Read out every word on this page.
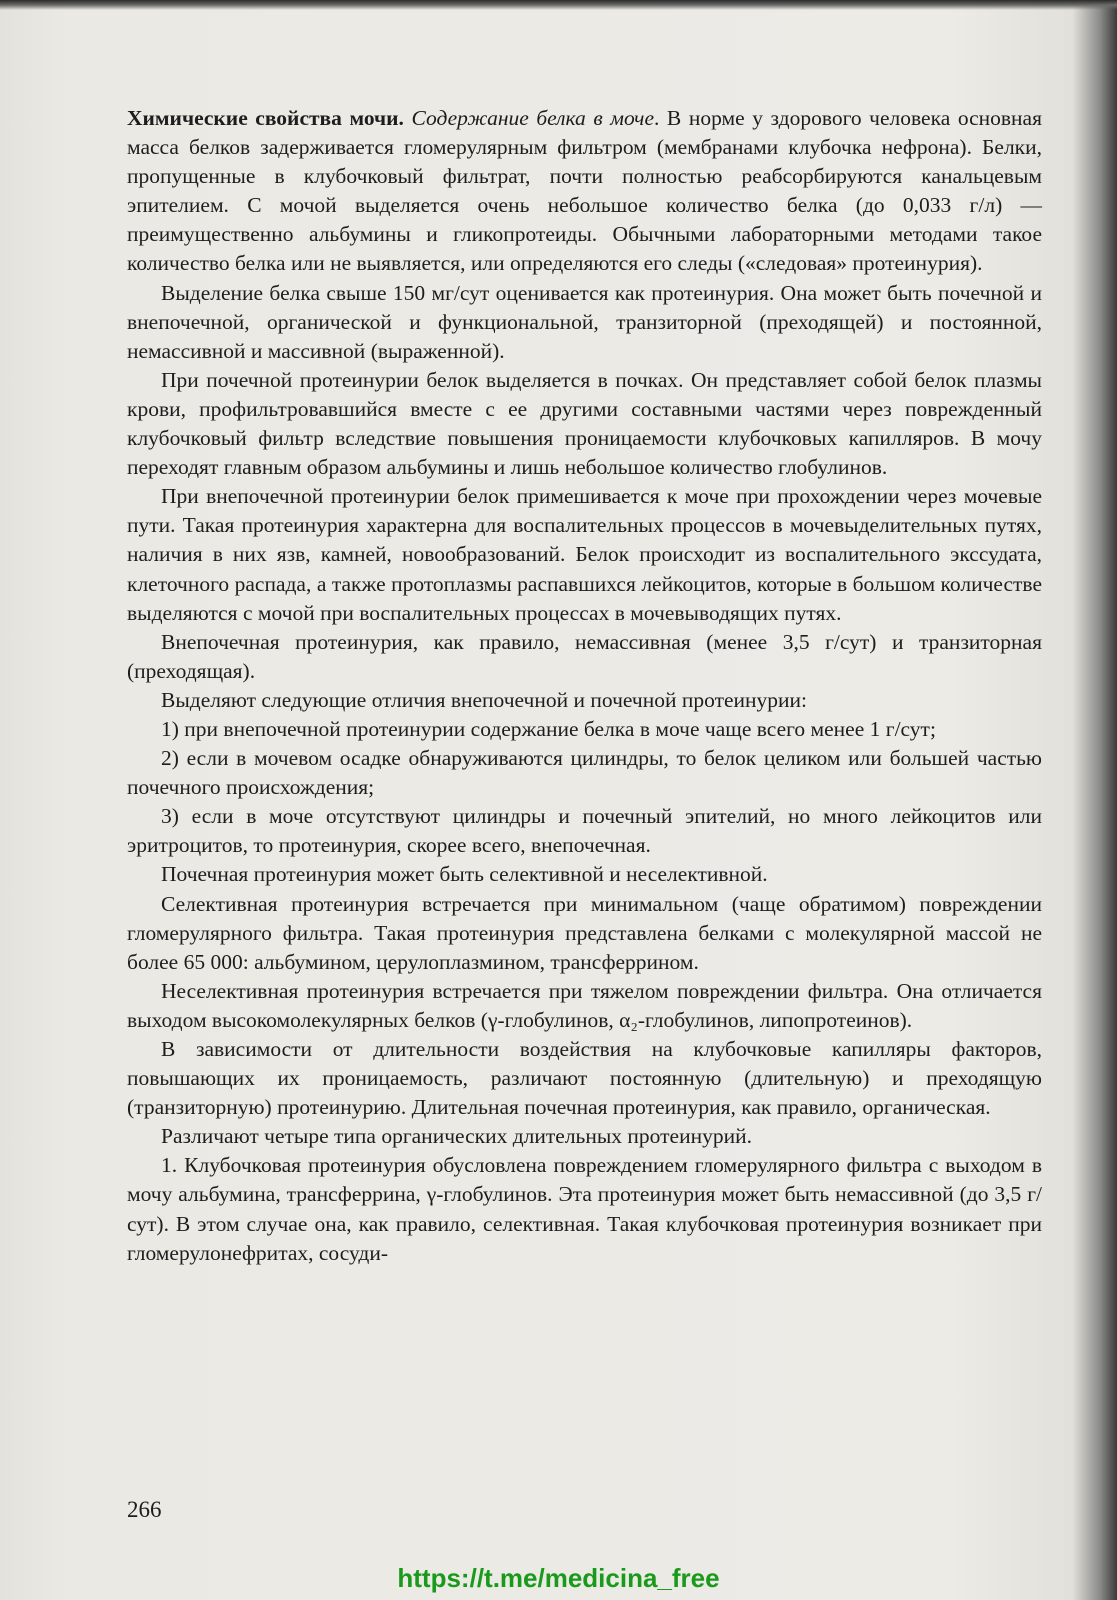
Химические свойства мочи. Содержание белка в моче. В норме у здорового человека основная масса белков задерживается гломерулярным фильтром (мембранами клубочка нефрона). Белки, пропущенные в клубочковый фильтрат, почти полностью реабсорбируются канальцевым эпителием. С мочой выделяется очень небольшое количество белка (до 0,033 г/л) — преимущественно альбумины и гликопротеиды. Обычными лабораторными методами такое количество белка или не выявляется, или определяются его следы («следовая» протеинурия).

Выделение белка свыше 150 мг/сут оценивается как протеинурия. Она может быть почечной и внепочечной, органической и функциональной, транзиторной (преходящей) и постоянной, немассивной и массивной (выраженной).

При почечной протеинурии белок выделяется в почках. Он представляет собой белок плазмы крови, профильтровавшийся вместе с ее другими составными частями через поврежденный клубочковый фильтр вследствие повышения проницаемости клубочковых капилляров. В мочу переходят главным образом альбумины и лишь небольшое количество глобулинов.

При внепочечной протеинурии белок примешивается к моче при прохождении через мочевые пути. Такая протеинурия характерна для воспалительных процессов в мочевыделительных путях, наличия в них язв, камней, новообразований. Белок происходит из воспалительного экссудата, клеточного распада, а также протоплазмы распавшихся лейкоцитов, которые в большом количестве выделяются с мочой при воспалительных процессах в мочевыводящих путях.

Внепочечная протеинурия, как правило, немассивная (менее 3,5 г/сут) и транзиторная (преходящая).

Выделяют следующие отличия внепочечной и почечной протеинурии:

1) при внепочечной протеинурии содержание белка в моче чаще всего менее 1 г/сут;

2) если в мочевом осадке обнаруживаются цилиндры, то белок целиком или большей частью почечного происхождения;

3) если в моче отсутствуют цилиндры и почечный эпителий, но много лейкоцитов или эритроцитов, то протеинурия, скорее всего, внепочечная.

Почечная протеинурия может быть селективной и неселективной.

Селективная протеинурия встречается при минимальном (чаще обратимом) повреждении гломерулярного фильтра. Такая протеинурия представлена белками с молекулярной массой не более 65 000: альбумином, церулоплазмином, трансферрином.

Неселективная протеинурия встречается при тяжелом повреждении фильтра. Она отличается выходом высокомолекулярных белков (γ-глобулинов, α₂-глобулинов, липопротеинов).

В зависимости от длительности воздействия на клубочковые капилляры факторов, повышающих их проницаемость, различают постоянную (длительную) и преходящую (транзиторную) протеинурию. Длительная почечная протеинурия, как правило, органическая.

Различают четыре типа органических длительных протеинурий.

1. Клубочковая протеинурия обусловлена повреждением гломерулярного фильтра с выходом в мочу альбумина, трансферрина, γ-глобулинов. Эта протеинурия может быть немассивной (до 3,5 г/сут). В этом случае она, как правило, селективная. Такая клубочковая протеинурия возникает при гломерулонефритах, сосуди-

266
https://t.me/medicina_free
